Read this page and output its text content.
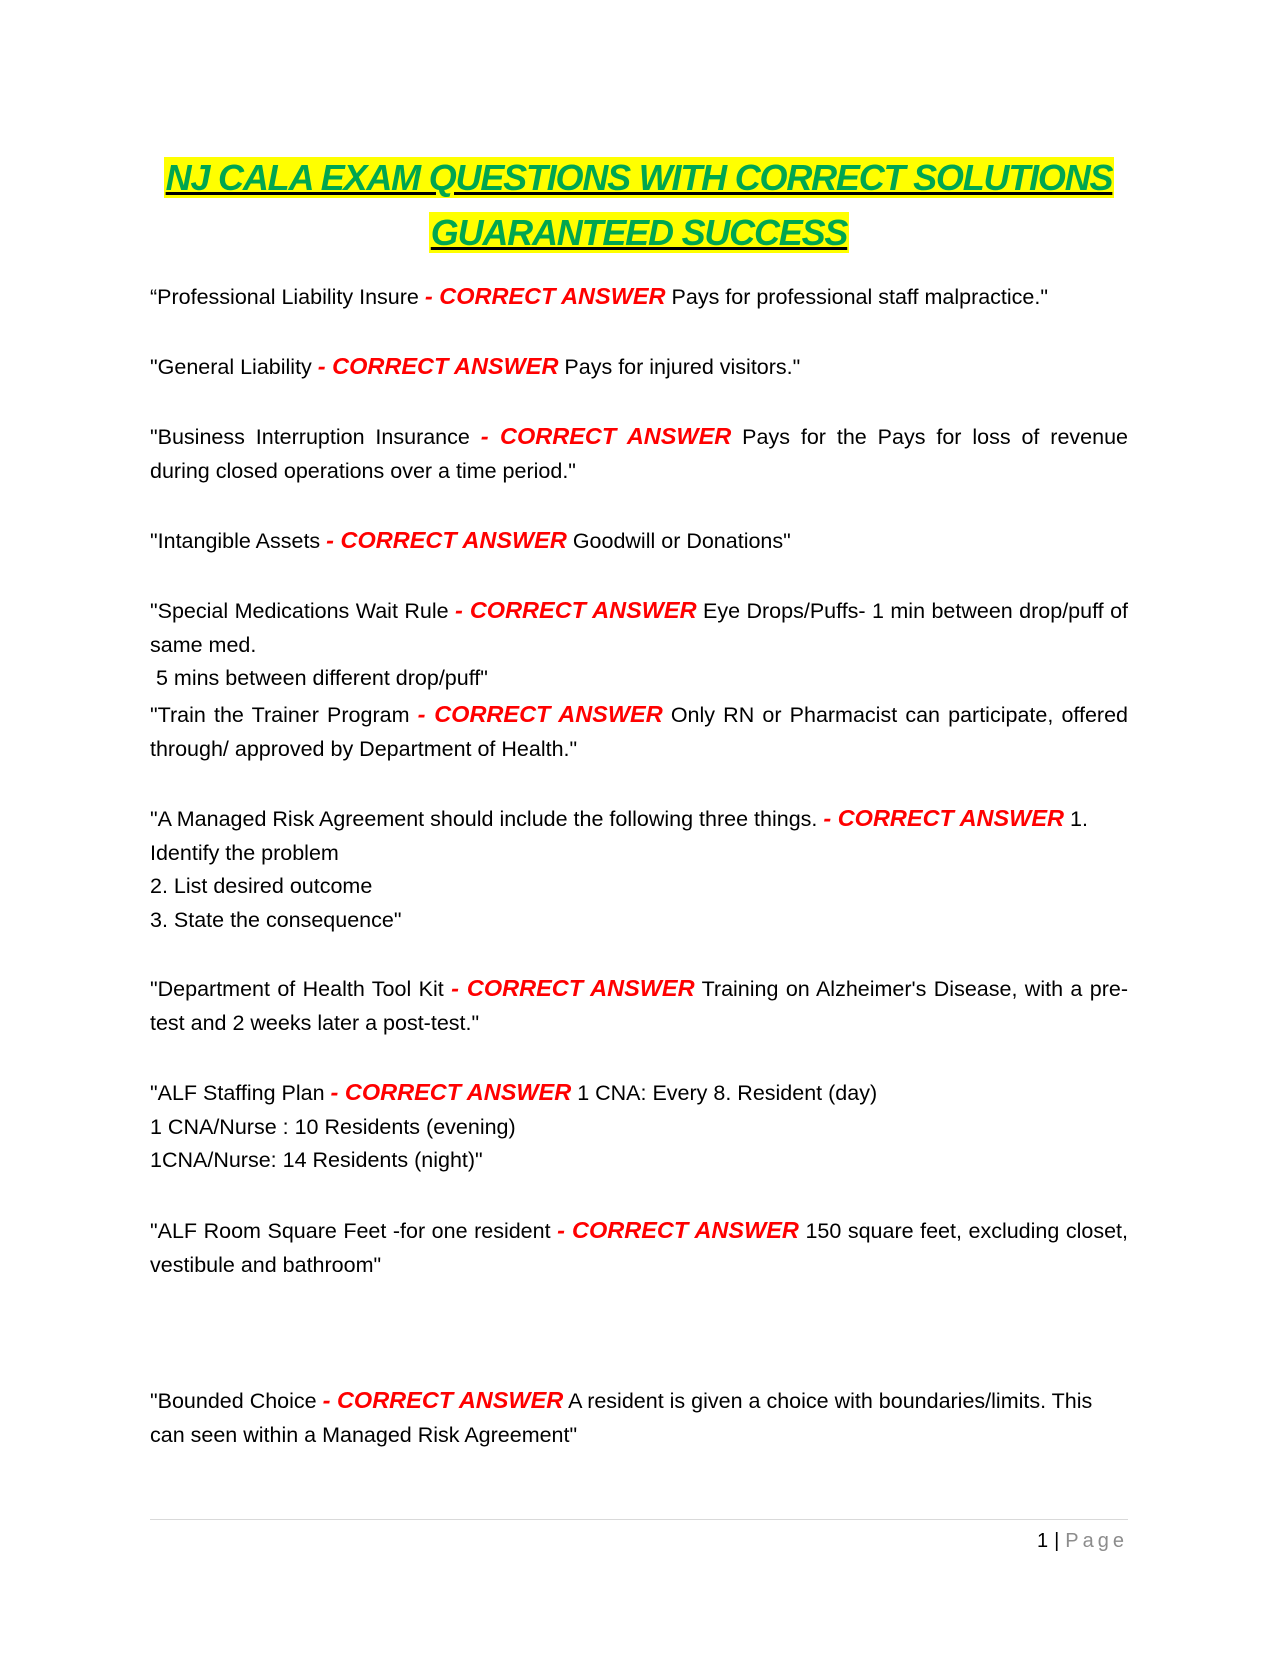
NJ CALA EXAM QUESTIONS WITH CORRECT SOLUTIONS
GUARANTEED SUCCESS
“Professional Liability Insure - CORRECT ANSWER Pays for professional staff malpractice."
"General Liability - CORRECT ANSWER Pays for injured visitors."
"Business Interruption Insurance - CORRECT ANSWER Pays for the Pays for loss of revenue during closed operations over a time period."
"Intangible Assets - CORRECT ANSWER Goodwill or Donations"
"Special Medications Wait Rule - CORRECT ANSWER Eye Drops/Puffs- 1 min between drop/puff of same med.
5 mins between different drop/puff"
"Train the Trainer Program - CORRECT ANSWER Only RN or Pharmacist can participate, offered through/ approved by Department of Health."
"A Managed Risk Agreement should include the following three things. - CORRECT ANSWER 1. Identify the problem
2. List desired outcome
3. State the consequence"
"Department of Health Tool Kit - CORRECT ANSWER Training on Alzheimer's Disease, with a pre-test and 2 weeks later a post-test."
"ALF Staffing Plan - CORRECT ANSWER 1 CNA: Every 8. Resident (day)
1 CNA/Nurse : 10 Residents (evening)
1CNA/Nurse: 14 Residents (night)"
"ALF Room Square Feet -for one resident - CORRECT ANSWER 150 square feet, excluding closet, vestibule and bathroom"
"Bounded Choice - CORRECT ANSWER A resident is given a choice with boundaries/limits. This can seen within a Managed Risk Agreement"
1 | Page
